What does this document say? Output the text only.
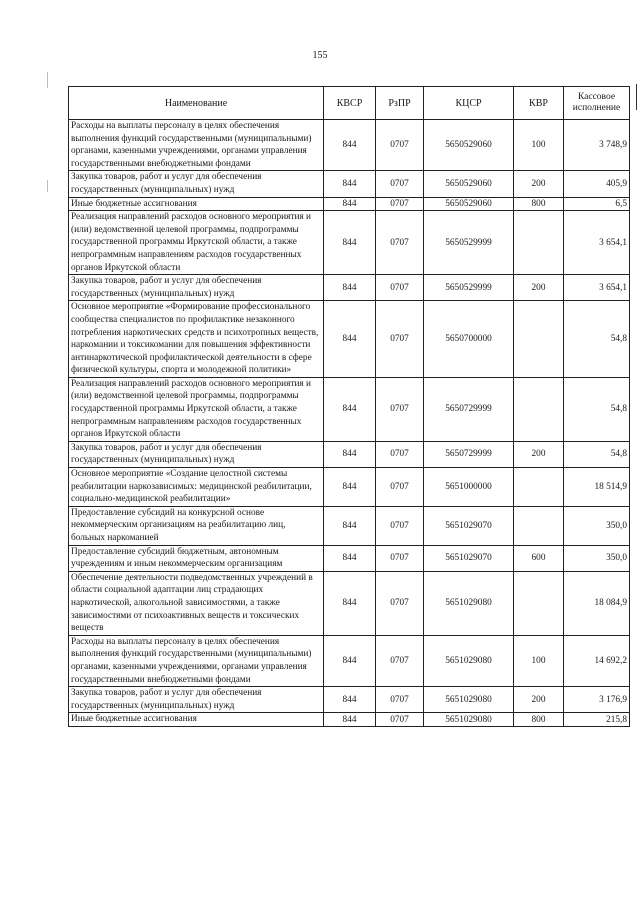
155
Наименование	КВСР	РзПР	КЦСР	КВР	Кассовое исполнение
Расходы на выплаты персоналу в целях обеспечения выполнения функций государственными (муниципальными) органами, казенными учреждениями, органами управления государственными внебюджетными фондами	844	0707	5650529060	100	3 748,9
Закупка товаров, работ и услуг для обеспечения государственных (муниципальных) нужд	844	0707	5650529060	200	405,9
Иные бюджетные ассигнования	844	0707	5650529060	800	6,5
Реализация направлений расходов основного мероприятия и (или) ведомственной целевой программы, подпрограммы государственной программы Иркутской области, а также непрограммным направлениям расходов государственных органов Иркутской области	844	0707	5650529999		3 654,1
Закупка товаров, работ и услуг для обеспечения государственных (муниципальных) нужд	844	0707	5650529999	200	3 654,1
Основное мероприятие «Формирование профессионального сообщества специалистов по профилактике незаконного потребления наркотических средств и психотропных веществ, наркомании и токсикомании для повышения эффективности антинаркотической профилактической деятельности в сфере физической культуры, спорта и молодежной политики»	844	0707	5650700000		54,8
Реализация направлений расходов основного мероприятия и (или) ведомственной целевой программы, подпрограммы государственной программы Иркутской области, а также непрограммным направлениям расходов государственных органов Иркутской области	844	0707	5650729999		54,8
Закупка товаров, работ и услуг для обеспечения государственных (муниципальных) нужд	844	0707	5650729999	200	54,8
Основное мероприятие «Создание целостной системы реабилитации наркозависимых: медицинской реабилитации, социально-медицинской реабилитации»	844	0707	5651000000		18 514,9
Предоставление субсидий на конкурсной основе некоммерческим организациям на реабилитацию лиц, больных наркоманией	844	0707	5651029070		350,0
Предоставление субсидий бюджетным, автономным учреждениям и иным некоммерческим организациям	844	0707	5651029070	600	350,0
Обеспечение деятельности подведомственных учреждений в области социальной адаптации лиц страдающих наркотической, алкогольной зависимостями, а также зависимостями от психоактивных веществ и токсических веществ	844	0707	5651029080		18 084,9
Расходы на выплаты персоналу в целях обеспечения выполнения функций государственными (муниципальными) органами, казенными учреждениями, органами управления государственными внебюджетными фондами	844	0707	5651029080	100	14 692,2
Закупка товаров, работ и услуг для обеспечения государственных (муниципальных) нужд	844	0707	5651029080	200	3 176,9
Иные бюджетные ассигнования	844	0707	5651029080	800	215,8
